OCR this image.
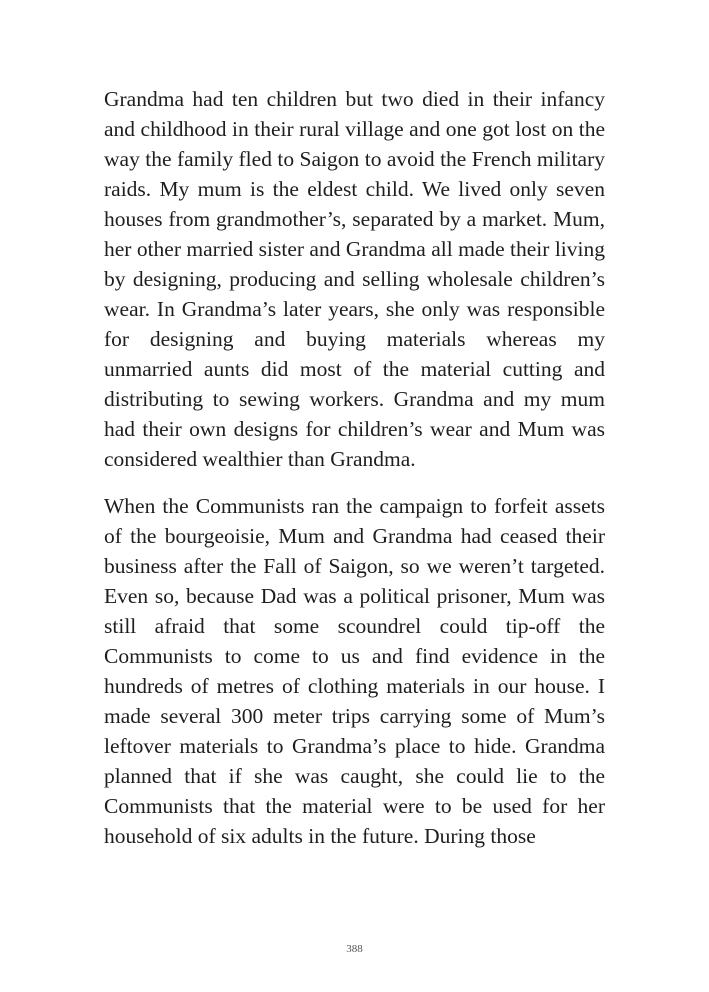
Grandma had ten children but two died in their infancy and childhood in their rural village and one got lost on the way the family fled to Saigon to avoid the French military raids. My mum is the eldest child. We lived only seven houses from grandmother’s, separated by a market. Mum, her other married sister and Grandma all made their living by designing, producing and selling wholesale children’s wear. In Grandma’s later years, she only was responsible for designing and buying materials whereas my unmarried aunts did most of the material cutting and distributing to sewing workers. Grandma and my mum had their own designs for children’s wear and Mum was considered wealthier than Grandma.

When the Communists ran the campaign to forfeit assets of the bourgeoisie, Mum and Grandma had ceased their business after the Fall of Saigon, so we weren’t targeted. Even so, because Dad was a political prisoner, Mum was still afraid that some scoundrel could tip-off the Communists to come to us and find evidence in the hundreds of metres of clothing materials in our house. I made several 300 meter trips carrying some of Mum’s leftover materials to Grandma’s place to hide. Grandma planned that if she was caught, she could lie to the Communists that the material were to be used for her household of six adults in the future. During those

388
